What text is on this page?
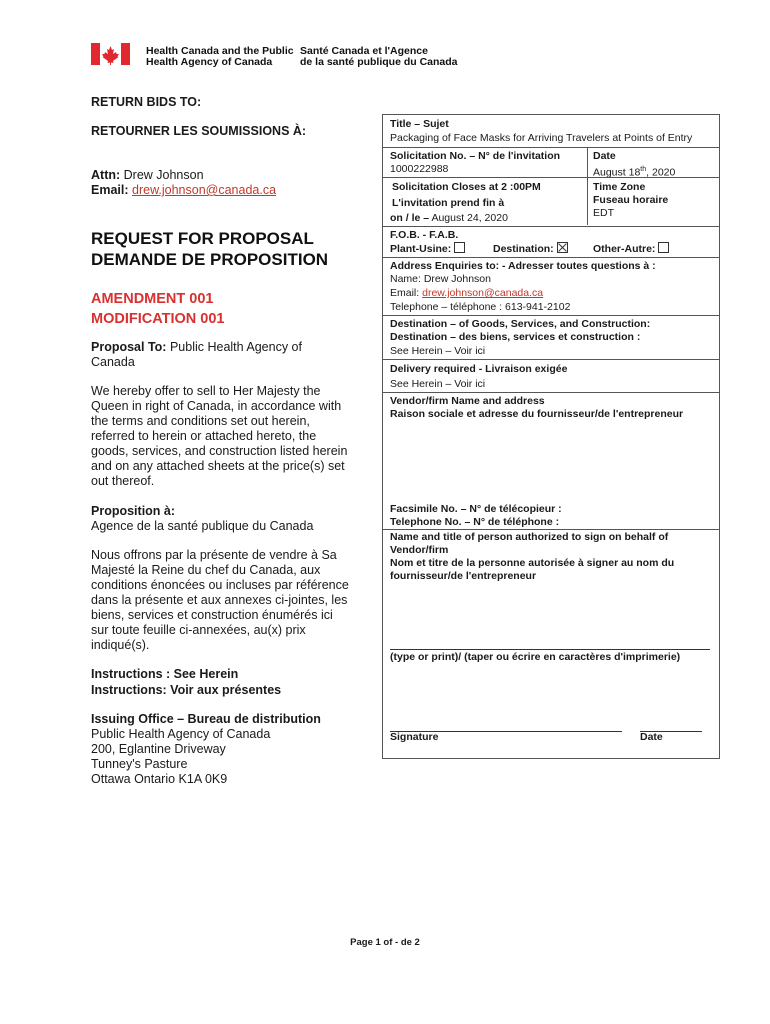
Health Canada and the Public
Health Agency of Canada
Santé Canada et l'Agence
de la santé publique du Canada
RETURN BIDS TO:
RETOURNER LES SOUMISSIONS À:
Attn: Drew Johnson
Email: drew.johnson@canada.ca
REQUEST FOR PROPOSAL
DEMANDE DE PROPOSITION
AMENDMENT 001
MODIFICATION 001
Proposal To: Public Health Agency of Canada
We hereby offer to sell to Her Majesty the Queen in right of Canada, in accordance with the terms and conditions set out herein, referred to herein or attached hereto, the goods, services, and construction listed herein and on any attached sheets at the price(s) set out thereof.
Proposition à:
Agence de la santé publique du Canada
Nous offrons par la présente de vendre à Sa Majesté la Reine du chef du Canada, aux conditions énoncées ou incluses par référence dans la présente et aux annexes ci-jointes, les biens, services et construction énumérés ici sur toute feuille ci-annexées, au(x) prix indiqué(s).
Instructions : See Herein
Instructions: Voir aux présentes
Issuing Office – Bureau de distribution
Public Health Agency of Canada
200, Eglantine Driveway
Tunney's Pasture
Ottawa Ontario K1A 0K9
Title – Sujet
Packaging of Face Masks for Arriving Travelers at Points of Entry
Solicitation No. – N° de l'invitation
1000222988
Date
August 18th, 2020
Solicitation Closes at 2 :00PM
L'invitation prend fin à
on / le – August 24, 2020
Time Zone
Fuseau horaire
EDT
F.O.B. - F.A.B.
Plant-Usine:	Destination:	Other-Autre:
Address Enquiries to: - Adresser toutes questions à :
Name: Drew Johnson
Email: drew.johnson@canada.ca
Telephone – téléphone : 613-941-2102
Destination – of Goods, Services, and Construction:
Destination – des biens, services et construction :
See Herein – Voir ici
Delivery required - Livraison exigée
See Herein – Voir ici
Vendor/firm Name and address
Raison sociale et adresse du fournisseur/de l'entrepreneur
Facsimile No. – N° de télécopieur :
Telephone No. – N° de téléphone :
Name and title of person authorized to sign on behalf of Vendor/firm
Nom et titre de la personne autorisée à signer au nom du fournisseur/de l'entrepreneur
(type or print)/ (taper ou écrire en caractères d'imprimerie)
Signature	Date
Page 1 of - de 2
